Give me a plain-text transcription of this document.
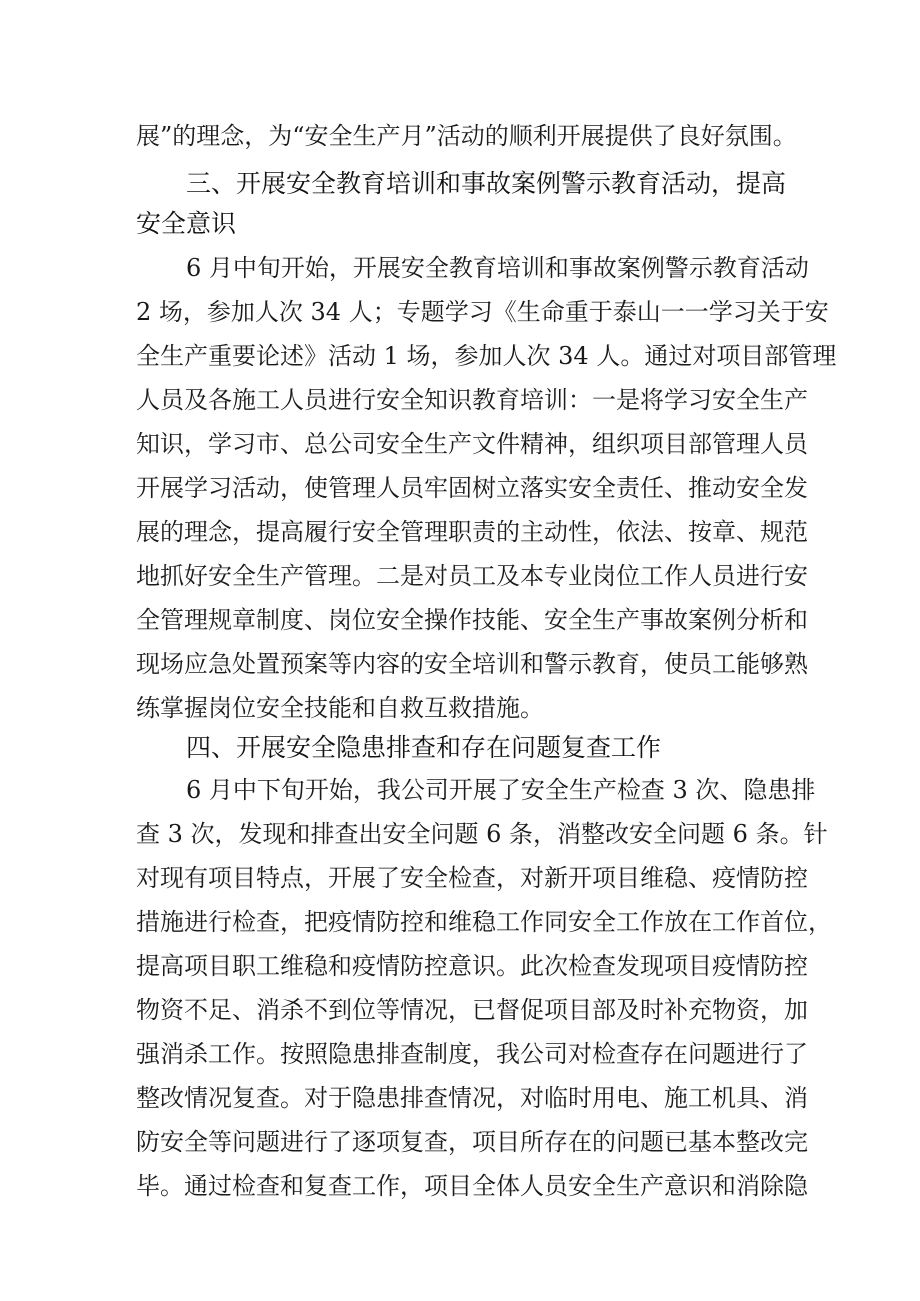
展”的理念，为“安全生产月”活动的顺利开展提供了良好氛围。
三、开展安全教育培训和事故案例警示教育活动，提高
安全意识
6 月中旬开始，开展安全教育培训和事故案例警示教育活动
2 场，参加人次 34 人；专题学习《生命重于泰山一一学习关于安
全生产重要论述》活动 1 场，参加人次 34 人。通过对项目部管理
人员及各施工人员进行安全知识教育培训：一是将学习安全生产
知识，学习市、总公司安全生产文件精神，组织项目部管理人员
开展学习活动，使管理人员牢固树立落实安全责任、推动安全发
展的理念，提高履行安全管理职责的主动性，依法、按章、规范
地抓好安全生产管理。二是对员工及本专业岗位工作人员进行安
全管理规章制度、岗位安全操作技能、安全生产事故案例分析和
现场应急处置预案等内容的安全培训和警示教育，使员工能够熟
练掌握岗位安全技能和自救互救措施。
四、开展安全隐患排查和存在问题复查工作
6 月中下旬开始，我公司开展了安全生产检查 3 次、隐患排
查 3 次，发现和排查出安全问题 6 条，消整改安全问题 6 条。针
对现有项目特点，开展了安全检查，对新开项目维稳、疫情防控
措施进行检查，把疫情防控和维稳工作同安全工作放在工作首位，
提高项目职工维稳和疫情防控意识。此次检查发现项目疫情防控
物资不足、消杀不到位等情况，已督促项目部及时补充物资，加
强消杀工作。按照隐患排查制度，我公司对检查存在问题进行了
整改情况复查。对于隐患排查情况，对临时用电、施工机具、消
防安全等问题进行了逐项复查，项目所存在的问题已基本整改完
毕。通过检查和复查工作，项目全体人员安全生产意识和消除隐
